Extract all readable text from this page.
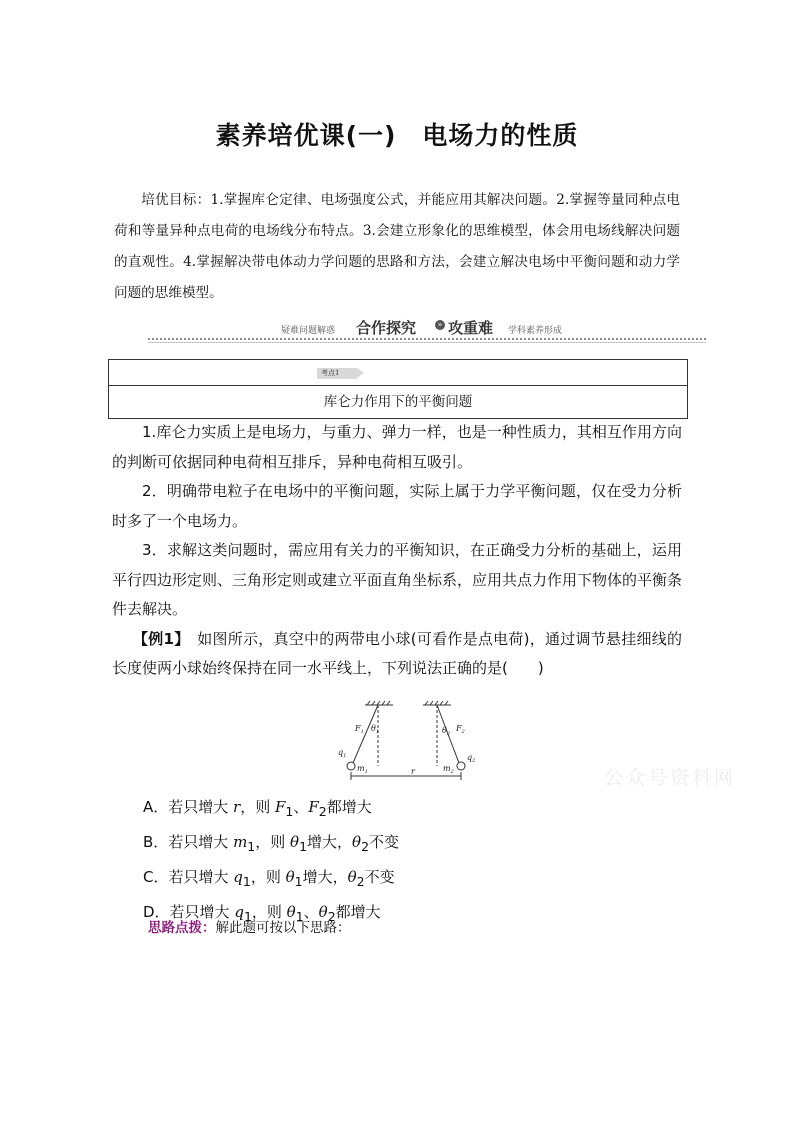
素养培优课(一) 电场力的性质

培优目标：1.掌握库仑定律、电场强度公式，并能应用其解决问题。2.掌握等量同种点电荷和等量异种点电荷的电场线分布特点。3.会建立形象化的思维模型，体会用电场线解决问题的直观性。4.掌握解决带电体动力学问题的思路和方法，会建立解决电场中平衡问题和动力学问题的思维模型。

疑难问题解惑 合作探究	» 攻重难 学科素养形成
考点1
库仑力作用下的平衡问题

1.库仑力实质上是电场力，与重力、弹力一样，也是一种性质力，其相互作用方向的判断可依据同种电荷相互排斥，异种电荷相互吸引。

2．明确带电粒子在电场中的平衡问题，实际上属于力学平衡问题，仅在受力分析时多了一个电场力。

3．求解这类问题时，需应用有关力的平衡知识，在正确受力分析的基础上，运用平行四边形定则、三角形定则或建立平面直角坐标系，应用共点力作用下物体的平衡条件去解决。

【例1】　如图所示，真空中的两带电小球(可看作是点电荷)，通过调节悬挂细线的长度使两小球始终保持在同一水平线上，下列说法正确的是(　　)

$F_1$ $\theta_1$	$\theta_2$
$F_2$
$q_1$	$q_2$
$m_1$	$m_2$
r
A．若只增大 r，则 $F_1$、$F_2$都增大
B．若只增大 $m_1$，则 $\theta_1$增大，$\theta_2$不变
C．若只增大 $q_1$，则 $\theta_1$增大，$\theta_2$不变
D．若只增大 $q_1$，则 $\theta_1$、$\theta_2$都增大
思路点拨：解此题可按以下思路：
公众号资料网
